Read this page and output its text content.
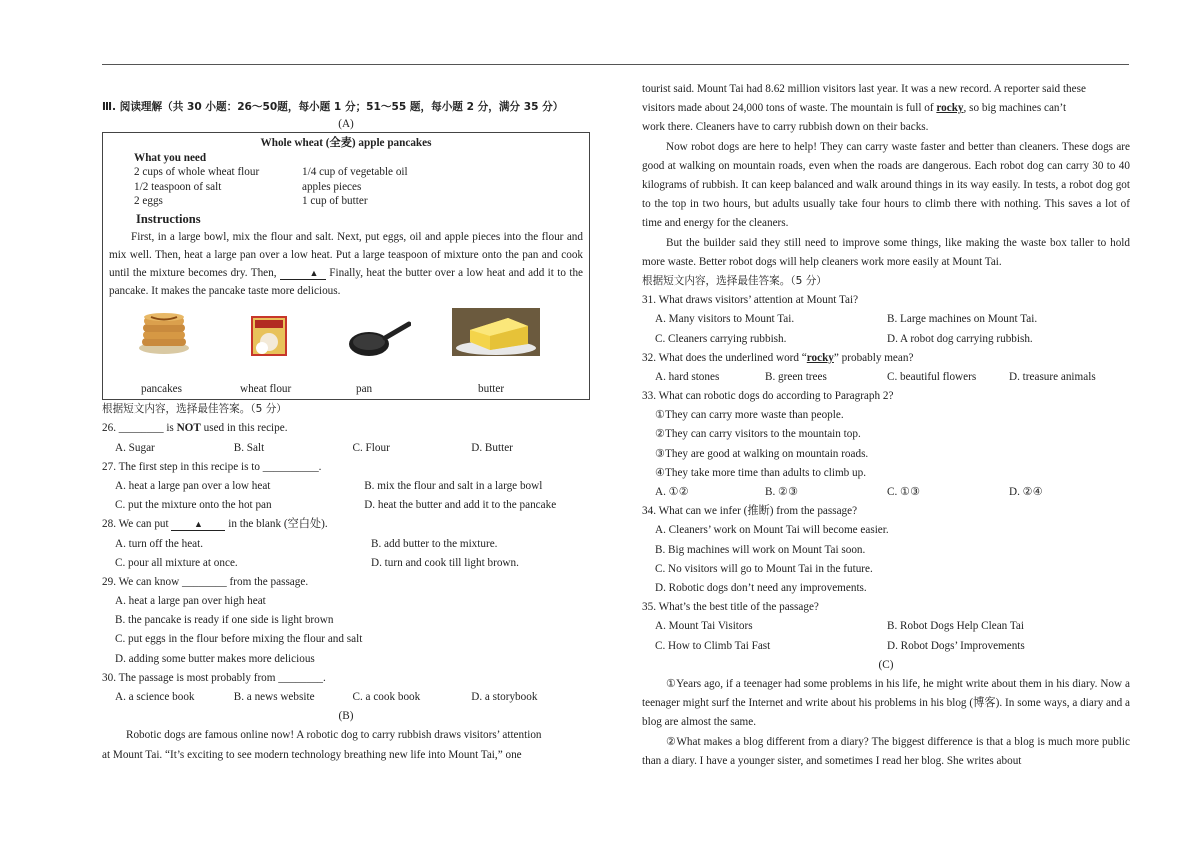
Ⅲ. 阅读理解（共 30 小题：26～50题，每小题 1 分；51～55 题，每小题 2 分，满分 35 分）
(A)
Whole wheat (全麦) apple pancakes
What you need
2 cups of whole wheat flour	1/4 cup of vegetable oil
1/2 teaspoon of salt	apples pieces
2 eggs	1 cup of butter
Instructions
First, in a large bowl, mix the flour and salt. Next, put eggs, oil and apple pieces into the flour and mix well. Then, heat a large pan over a low heat. Put a large teaspoon of mixture onto the pan and cook until the mixture becomes dry. Then,	▲ Finally, heat the butter over a low heat and add it to the pancake. It makes the pancake taste more delicious.
pancakes	wheat flour	pan	butter
根据短文内容，选择最佳答案。（5 分）
26. ________ is NOT used in this recipe.
A. Sugar	B. Salt	C. Flour	D. Butter
27. The first step in this recipe is to __________.
A. heat a large pan over a low heat	B. mix the flour and salt in a large bowl
C. put the mixture onto the hot pan	D. heat the butter and add it to the pancake
28. We can put	▲ in the blank (空白处).
A. turn off the heat.	B. add butter to the mixture.
C. pour all mixture at once.	D. turn and cook till light brown.
29. We can know ________ from the passage.
A. heat a large pan over high heat
B. the pancake is ready if one side is light brown
C. put eggs in the flour before mixing the flour and salt
D. adding some butter makes more delicious
30. The passage is most probably from ________.
A. a science book	B. a news website	C. a cook book	D. a storybook
(B)
Robotic dogs are famous online now! A robotic dog to carry rubbish draws visitors’ attention
at Mount Tai. “It’s exciting to see modern technology breathing new life into Mount Tai,” one
tourist said. Mount Tai had 8.62 million visitors last year. It was a new record. A reporter said these
visitors made about 24,000 tons of waste. The mountain is full of rocky, so big machines can’t
work there. Cleaners have to carry rubbish down on their backs.
Now robot dogs are here to help! They can carry waste faster and better than cleaners. These dogs are good at walking on mountain roads, even when the roads are dangerous. Each robot dog can carry 30 to 40 kilograms of rubbish. It can keep balanced and walk around things in its way easily. In tests, a robot dog got to the top in two hours, but adults usually take four hours to climb there with nothing. This saves a lot of time and energy for the cleaners.
But the builder said they still need to improve some things, like making the waste box taller to hold more waste. Better robot dogs will help cleaners work more easily at Mount Tai.
根据短文内容，选择最佳答案。（5 分）
31. What draws visitors’ attention at Mount Tai?
A. Many visitors to Mount Tai.	B. Large machines on Mount Tai.
C. Cleaners carrying rubbish.	D. A robot dog carrying rubbish.
32. What does the underlined word “rocky” probably mean?
A. hard stones	B. green trees	C. beautiful flowers	D. treasure animals
33. What can robotic dogs do according to Paragraph 2?
①They can carry more waste than people.
②They can carry visitors to the mountain top.
③They are good at walking on mountain roads.
④They take more time than adults to climb up.
A. ①②	B. ②③	C. ①③	D. ②④
34. What can we infer (推断) from the passage?
A. Cleaners’ work on Mount Tai will become easier.
B. Big machines will work on Mount Tai soon.
C. No visitors will go to Mount Tai in the future.
D. Robotic dogs don’t need any improvements.
35. What’s the best title of the passage?
A. Mount Tai Visitors	B. Robot Dogs Help Clean Tai
C. How to Climb Tai Fast	D. Robot Dogs’ Improvements
(C)
①Years ago, if a teenager had some problems in his life, he might write about them in his diary. Now a teenager might surf the Internet and write about his problems in his blog (博客). In some ways, a diary and a blog are almost the same.
②What makes a blog different from a diary? The biggest difference is that a blog is much more public than a diary. I have a younger sister, and sometimes I read her blog. She writes about
